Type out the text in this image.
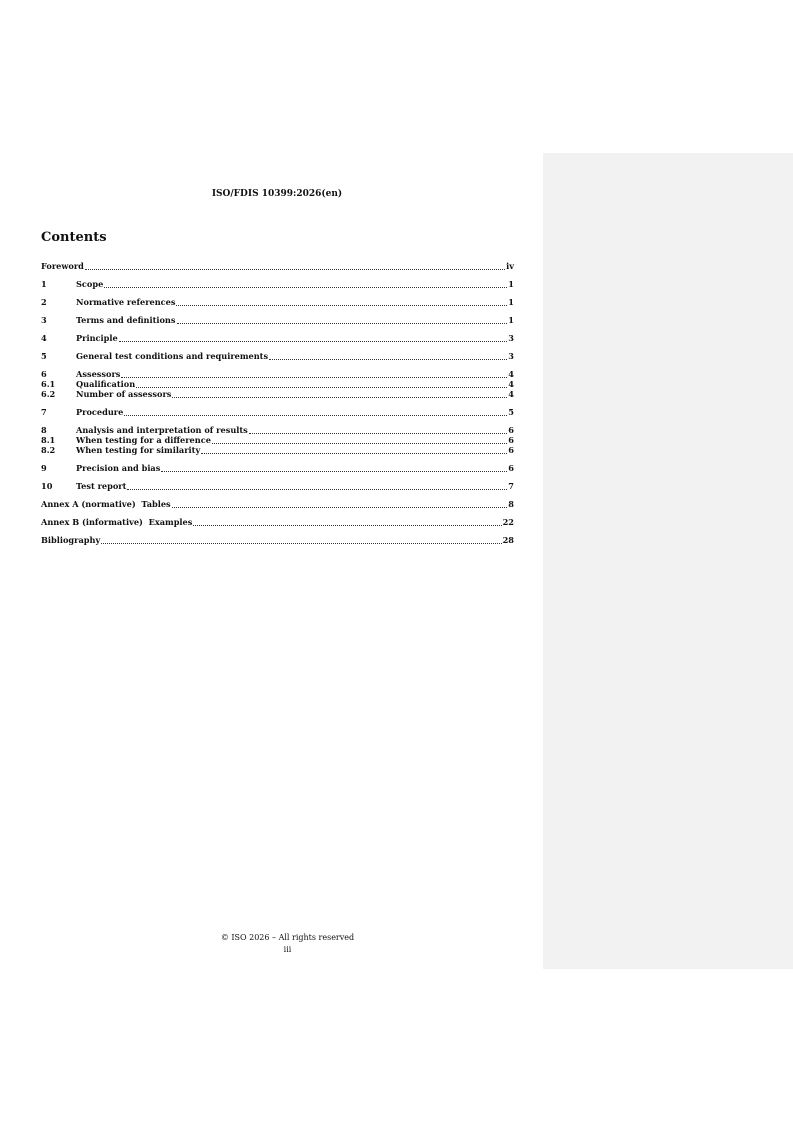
ISO/FDIS 10399:2026(en)
Contents
Foreword	iv
1	Scope	1
2	Normative references	1
3	Terms and definitions	1
4	Principle	3
5	General test conditions and requirements	3
6	Assessors	4
6.1	Qualification	4
6.2	Number of assessors	4
7	Procedure	5
8	Analysis and interpretation of results	6
8.1	When testing for a difference	6
8.2	When testing for similarity	6
9	Precision and bias	6
10	Test report	7
Annex A (normative)  Tables	8
Annex B (informative)  Examples	22
Bibliography	28
© ISO 2026 – All rights reserved
iii
